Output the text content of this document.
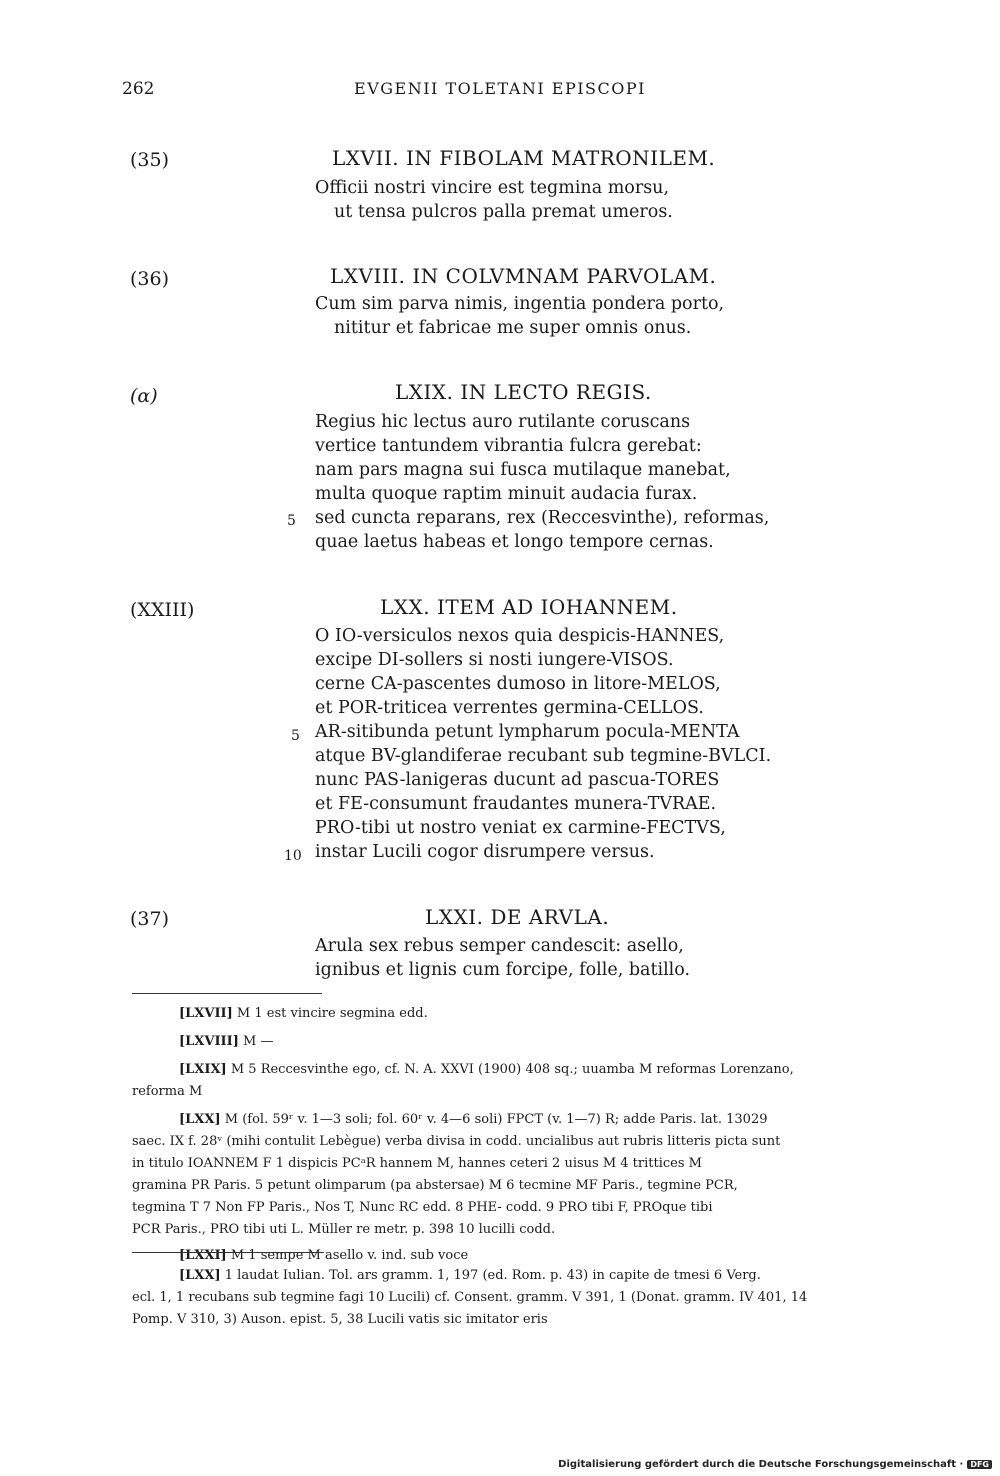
262	EVGENII TOLETANI EPISCOPI
(35)	LXVII. IN FIBOLAM MATRONILEM.
Officii nostri vincire est tegmina morsu,
ut tensa pulcros palla premat umeros.
(36)	LXVIII. IN COLVMNAM PARVOLAM.
Cum sim parva nimis, ingentia pondera porto,
nititur et fabricae me super omnis onus.
(α)	LXIX. IN LECTO REGIS.
Regius hic lectus auro rutilante coruscans
vertice tantundem vibrantia fulcra gerebat:
nam pars magna sui fusca mutilaque manebat,
multa quoque raptim minuit audacia furax.
sed cuncta reparans, rex (Reccesvinthe), reformas,
quae laetus habeas et longo tempore cernas.
5
(XXIII)	LXX. ITEM AD IOHANNEM.
O IO-versiculos nexos quia despicis-HANNES,
excipe DI-sollers si nosti iungere-VISOS.
cerne CA-pascentes dumoso in litore-MELOS,
et POR-triticea verrentes germina-CELLOS.
AR-sitibunda petunt lympharum pocula-MENTA
atque BV-glandiferae recubant sub tegmine-BVLCI.
nunc PAS-lanigeras ducunt ad pascua-TORES
et FE-consumunt fraudantes munera-TVRAE.
PRO-tibi ut nostro veniat ex carmine-FECTVS,
instar Lucili cogor disrumpere versus.
5
10
(37)	LXXI. DE ARVLA.
Arula sex rebus semper candescit: asello,
ignibus et lignis cum forcipe, folle, batillo.
[LXVII] M 1 est vincire segmina edd.
[LXVIII] M —
[LXIX] M 5 Reccesvinthe ego, cf. N. A. XXVI (1900) 408 sq.; uuamba M reformas Lorenzano,
reforma M
[LXX] M (fol. 59ʳ v. 1—3 soli; fol. 60ʳ v. 4—6 soli) FPCT (v. 1—7) R; adde Paris. lat. 13029
saec. IX f. 28ᵛ (mihi contulit Lebègue) verba divisa in codd. uncialibus aut rubris litteris picta sunt
in titulo IOANNEM F 1 dispicis PCᵃR hannem M, hannes ceteri 2 uisus M 4 trittices M
gramina PR Paris. 5 petunt olimparum (pa abstersae) M 6 tecmine MF Paris., tegmine PCR,
tegmina T 7 Non FP Paris., Nos T, Nunc RC edd. 8 PHE- codd. 9 PRO tibi F, PROque tibi
PCR Paris., PRO tibi uti L. Müller re metr. p. 398 10 lucilli codd.
[LXXI] M 1 sempe M asello v. ind. sub voce
[LXX] 1 laudat Iulian. Tol. ars gramm. 1, 197 (ed. Rom. p. 43) in capite de tmesi 6 Verg.
ecl. 1, 1 recubans sub tegmine fagi 10 Lucili) cf. Consent. gramm. V 391, 1 (Donat. gramm. IV 401, 14
Pomp. V 310, 3) Auson. epist. 5, 38 Lucili vatis sic imitator eris
Digitalisierung gefördert durch die Deutsche Forschungsgemeinschaft · DFG
